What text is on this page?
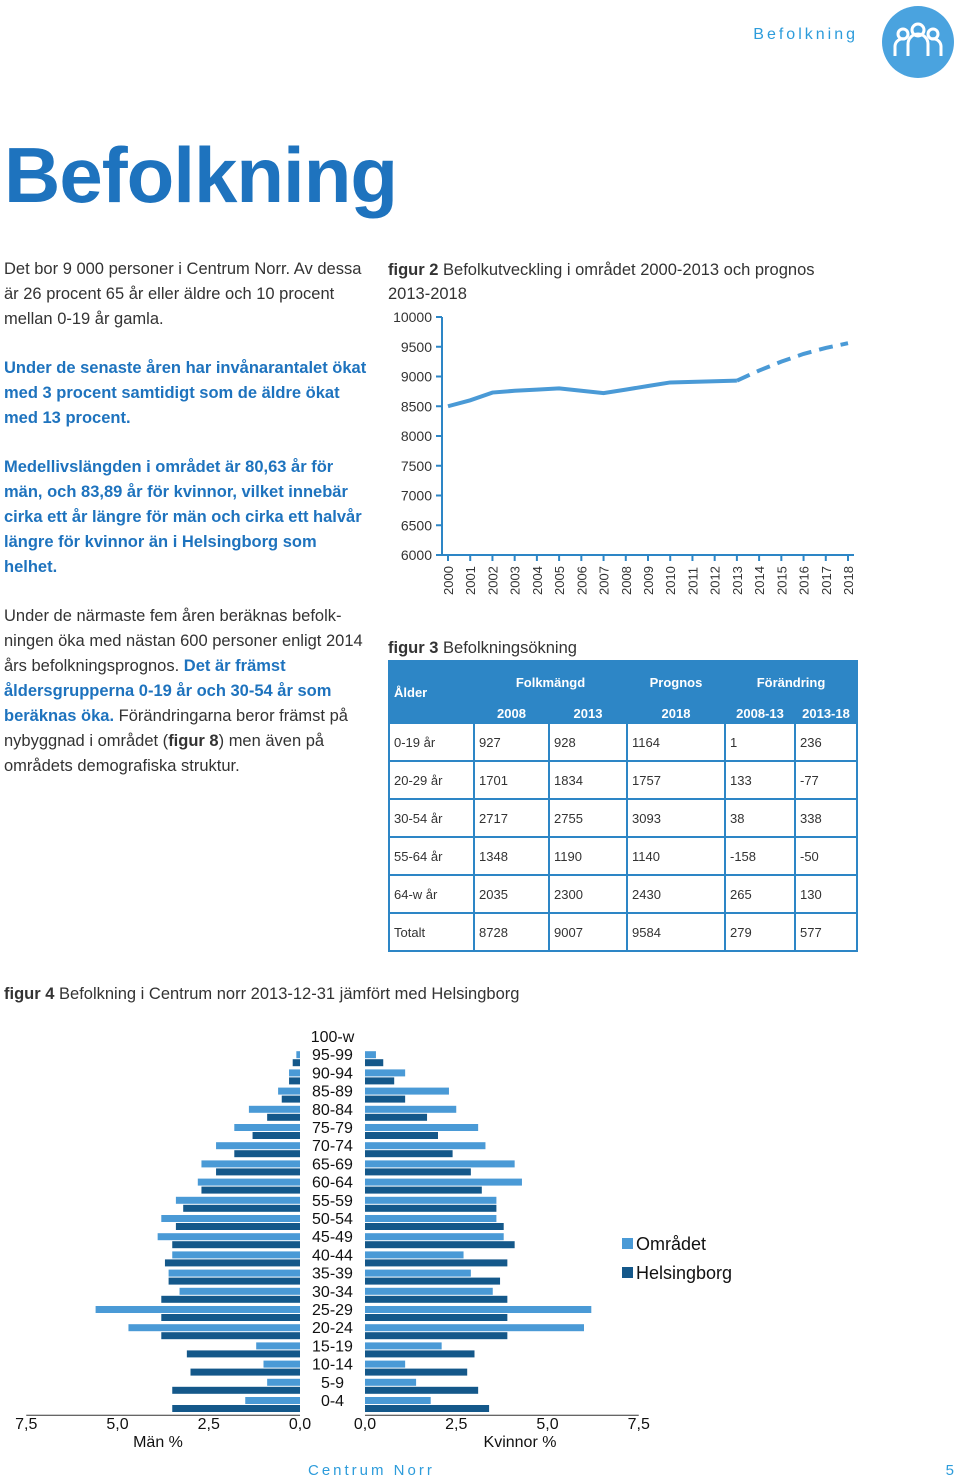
Befolkning
Befolkning

Det bor 9 000 personer i Centrum Norr. Av dessa är 26 procent 65 år eller äldre och 10 procent mellan 0-19 år gamla.

Under de senaste åren har invånarantalet ökat med 3 procent samtidigt som de äldre ökat med 13 procent.

Medellivslängden i området är 80,63 år för män, och 83,89 år för kvinnor, vilket innebär cirka ett år längre för män och cirka ett halvår längre för kvinnor än i Helsingborg som helhet.

Under de närmaste fem åren beräknas befolkningen öka med nästan 600 personer enligt 2014 års befolkningsprognos. Det är främst åldersgrupperna 0-19 år och 30-54 år som beräknas öka. Förändringarna beror främst på nybyggnad i området (figur 8) men även på områdets demografiska struktur.

figur 2 Befolkutveckling i området 2000-2013 och prognos 2013-2018
10000
9500
9000
8500
8000
7500
7000
6500
6000
2000 2001 2002 2003 2004 2005 2006 2007 2008 2009 2010 2011 2012 2013 2014 2015 2016 2017 2018
figur 3 Befolkningsökning
Ålder	Folkmängd		Prognos	Förändring	
	2008	2013	2018	2008-13	2013-18
0-19 år	927	928	1164	1	236
20-29 år	1701	1834	1757	133	-77
30-54 år	2717	2755	3093	38	338
55-64 år	1348	1190	1140	-158	-50
64-w år	2035	2300	2430	265	130
Totalt	8728	9007	9584	279	577
figur 4 Befolkning i Centrum norr 2013-12-31 jämfört med Helsingborg
100-w
95-99
90-94
85-89
80-84
75-79
70-74
65-69
60-64
55-59
50-54
45-49
40-44
35-39
30-34
25-29
20-24
15-19
10-14
5-9
0-4
7,5	5,0	2,5	0,0	0,0	2,5	5,0	7,5
Män %	Kvinnor %
Området
Helsingborg
Centrum Norr	5
